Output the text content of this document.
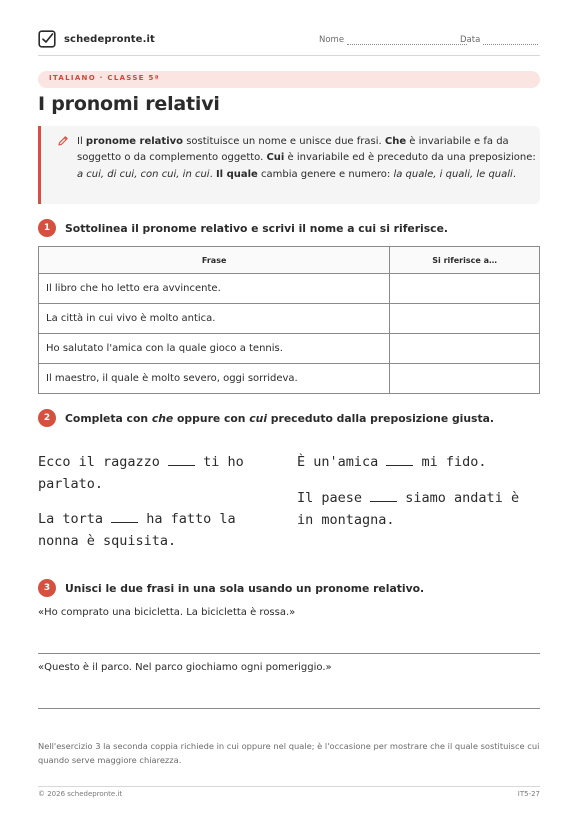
schedepronte.it	Nome	Data
ITALIANO · CLASSE 5ª
I pronomi relativi
Il pronome relativo sostituisce un nome e unisce due frasi. Che è invariabile e fa da soggetto o da complemento oggetto. Cui è invariabile ed è preceduto da una preposizione: a cui, di cui, con cui, in cui. Il quale cambia genere e numero: la quale, i quali, le quali.
1	Sottolinea il pronome relativo e scrivi il nome a cui si riferisce.
Frase	Si riferisce a…
Il libro che ho letto era avvincente.	
La città in cui vivo è molto antica.	
Ho salutato l'amica con la quale gioco a tennis.	
Il maestro, il quale è molto severo, oggi sorrideva.	
2	Completa con che oppure con cui preceduto dalla preposizione giusta.
Ecco il ragazzo  ti ho parlato.
La torta  ha fatto la nonna è squisita.
È un'amica  mi fido.
Il paese  siamo andati è in montagna.
3	Unisci le due frasi in una sola usando un pronome relativo.
«Ho comprato una bicicletta. La bicicletta è rossa.»
«Questo è il parco. Nel parco giochiamo ogni pomeriggio.»
Nell'esercizio 3 la seconda coppia richiede in cui oppure nel quale; è l'occasione per mostrare che il quale sostituisce cui quando serve maggiore chiarezza.
© 2026 schedepronte.it	IT5-27
